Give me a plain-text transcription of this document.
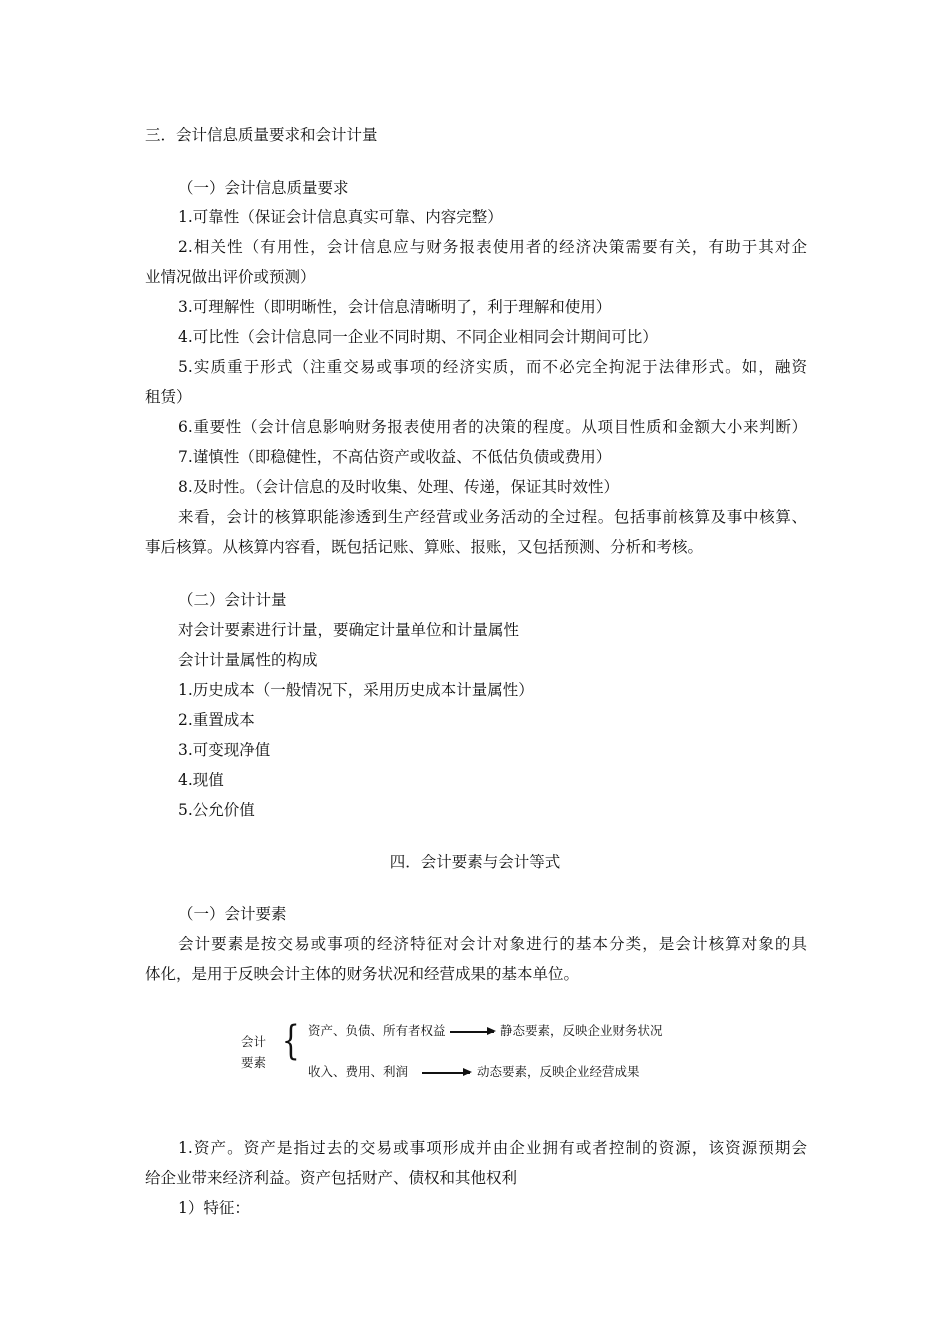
三．会计信息质量要求和会计计量
（一）会计信息质量要求
1.可靠性（保证会计信息真实可靠、内容完整）
2.相关性（有用性，会计信息应与财务报表使用者的经济决策需要有关，有助于其对企
业情况做出评价或预测）
3.可理解性（即明晰性，会计信息清晰明了，利于理解和使用）
4.可比性（会计信息同一企业不同时期、不同企业相同会计期间可比）
5.实质重于形式（注重交易或事项的经济实质，而不必完全拘泥于法律形式。如，融资
租赁）
6.重要性（会计信息影响财务报表使用者的决策的程度。从项目性质和金额大小来判断）
7.谨慎性（即稳健性，不高估资产或收益、不低估负债或费用）
8.及时性。（会计信息的及时收集、处理、传递，保证其时效性）
来看，会计的核算职能渗透到生产经营或业务活动的全过程。包括事前核算及事中核算、
事后核算。从核算内容看，既包括记账、算账、报账，又包括预测、分析和考核。
（二）会计计量
对会计要素进行计量，要确定计量单位和计量属性
会计计量属性的构成
1.历史成本（一般情况下，采用历史成本计量属性）
2.重置成本
3.可变现净值
4.现值
5.公允价值
四．会计要素与会计等式
（一）会计要素
会计要素是按交易或事项的经济特征对会计对象进行的基本分类，是会计核算对象的具
体化，是用于反映会计主体的财务状况和经营成果的基本单位。
会计
要素 { 资产、负债、所有者权益	静态要素，反映企业财务状况
收入、费用、利润	动态要素，反映企业经营成果
1.资产。资产是指过去的交易或事项形成并由企业拥有或者控制的资源，该资源预期会
给企业带来经济利益。资产包括财产、债权和其他权利
1）特征：
